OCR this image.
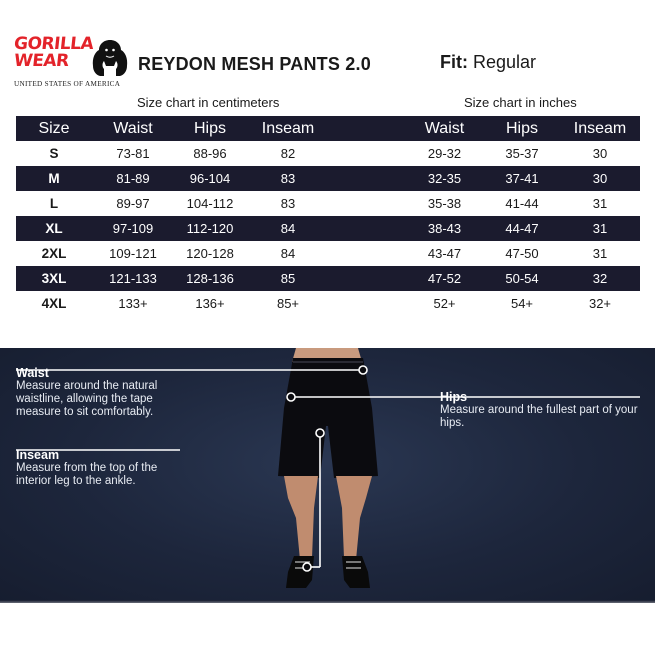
GORILLA
WEAR
UNITED STATES OF AMERICA
REYDON MESH PANTS 2.0	Fit: Regular
Size chart in centimeters	Size chart in inches
Size	Waist	Hips	Inseam	Waist	Hips	Inseam
S	73-81	88-96	82	29-32	35-37	30
M	81-89	96-104	83	32-35	37-41	30
L	89-97	104-112	83	35-38	41-44	31
XL	97-109	112-120	84	38-43	44-47	31
2XL	109-121	120-128	84	43-47	47-50	31
3XL	121-133	128-136	85	47-52	50-54	32
4XL	133+	136+	85+	52+	54+	32+
Waist
Measure around the natural waistline, allowing the tape measure to sit comfortably.
Hips
Measure around the fullest part of your hips.
Inseam
Measure from the top of the interior leg to the ankle.
